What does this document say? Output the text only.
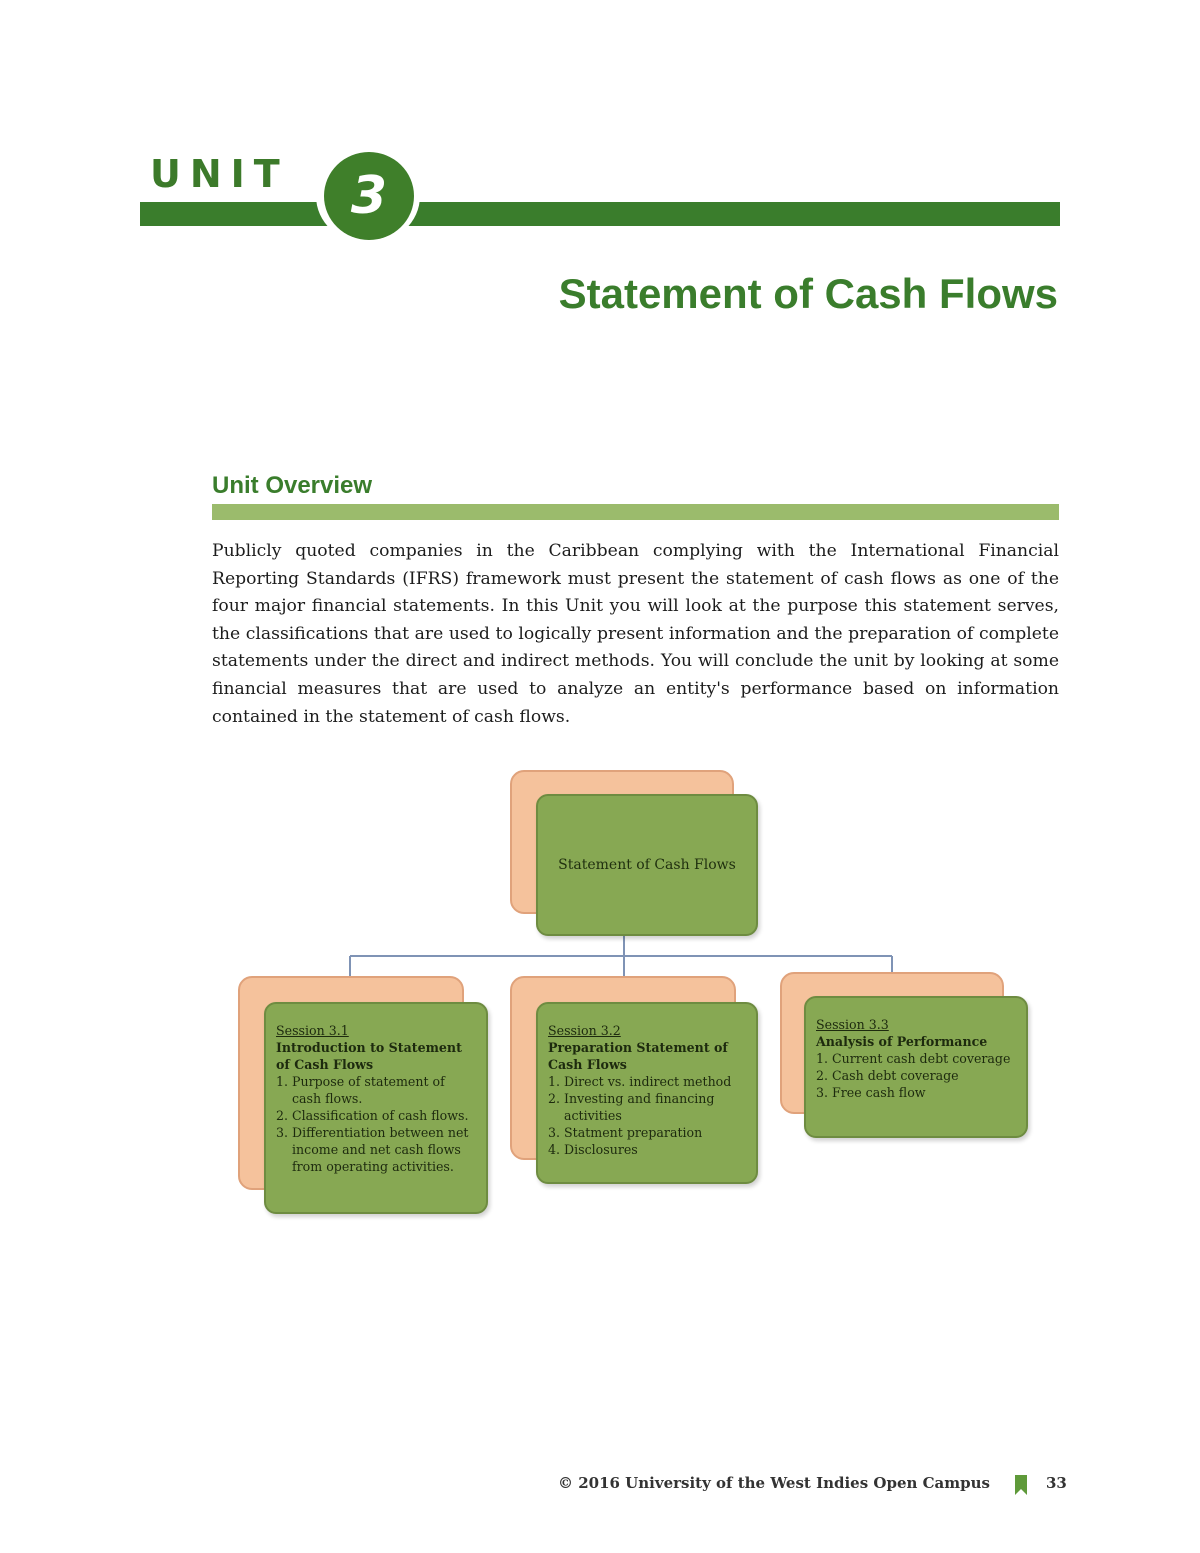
UNIT	3
Statement of Cash Flows
Unit Overview

Publicly quoted companies in the Caribbean complying with the International Financial Reporting Standards (IFRS) framework must present the statement of cash flows as one of the four major financial statements. In this Unit you will look at the purpose this statement serves, the classifications that are used to logically present information and the preparation of complete statements under the direct and indirect methods. You will conclude the unit by looking at some financial measures that are used to analyze an entity's performance based on information contained in the statement of cash flows.

Statement of Cash Flows
Session 3.1
Introduction to Statement of Cash Flows
1. Purpose of statement of cash flows.
2. Classification of cash flows.
3. Differentiation between net income and net cash flows from operating activities.
Session 3.2
Preparation Statement of Cash Flows
1. Direct vs. indirect method
2. Investing and financing activities
3. Statment preparation
4. Disclosures
Session 3.3
Analysis of Performance
1. Current cash debt coverage
2. Cash debt coverage
3. Free cash flow
© 2016 University of the West Indies Open Campus	33
